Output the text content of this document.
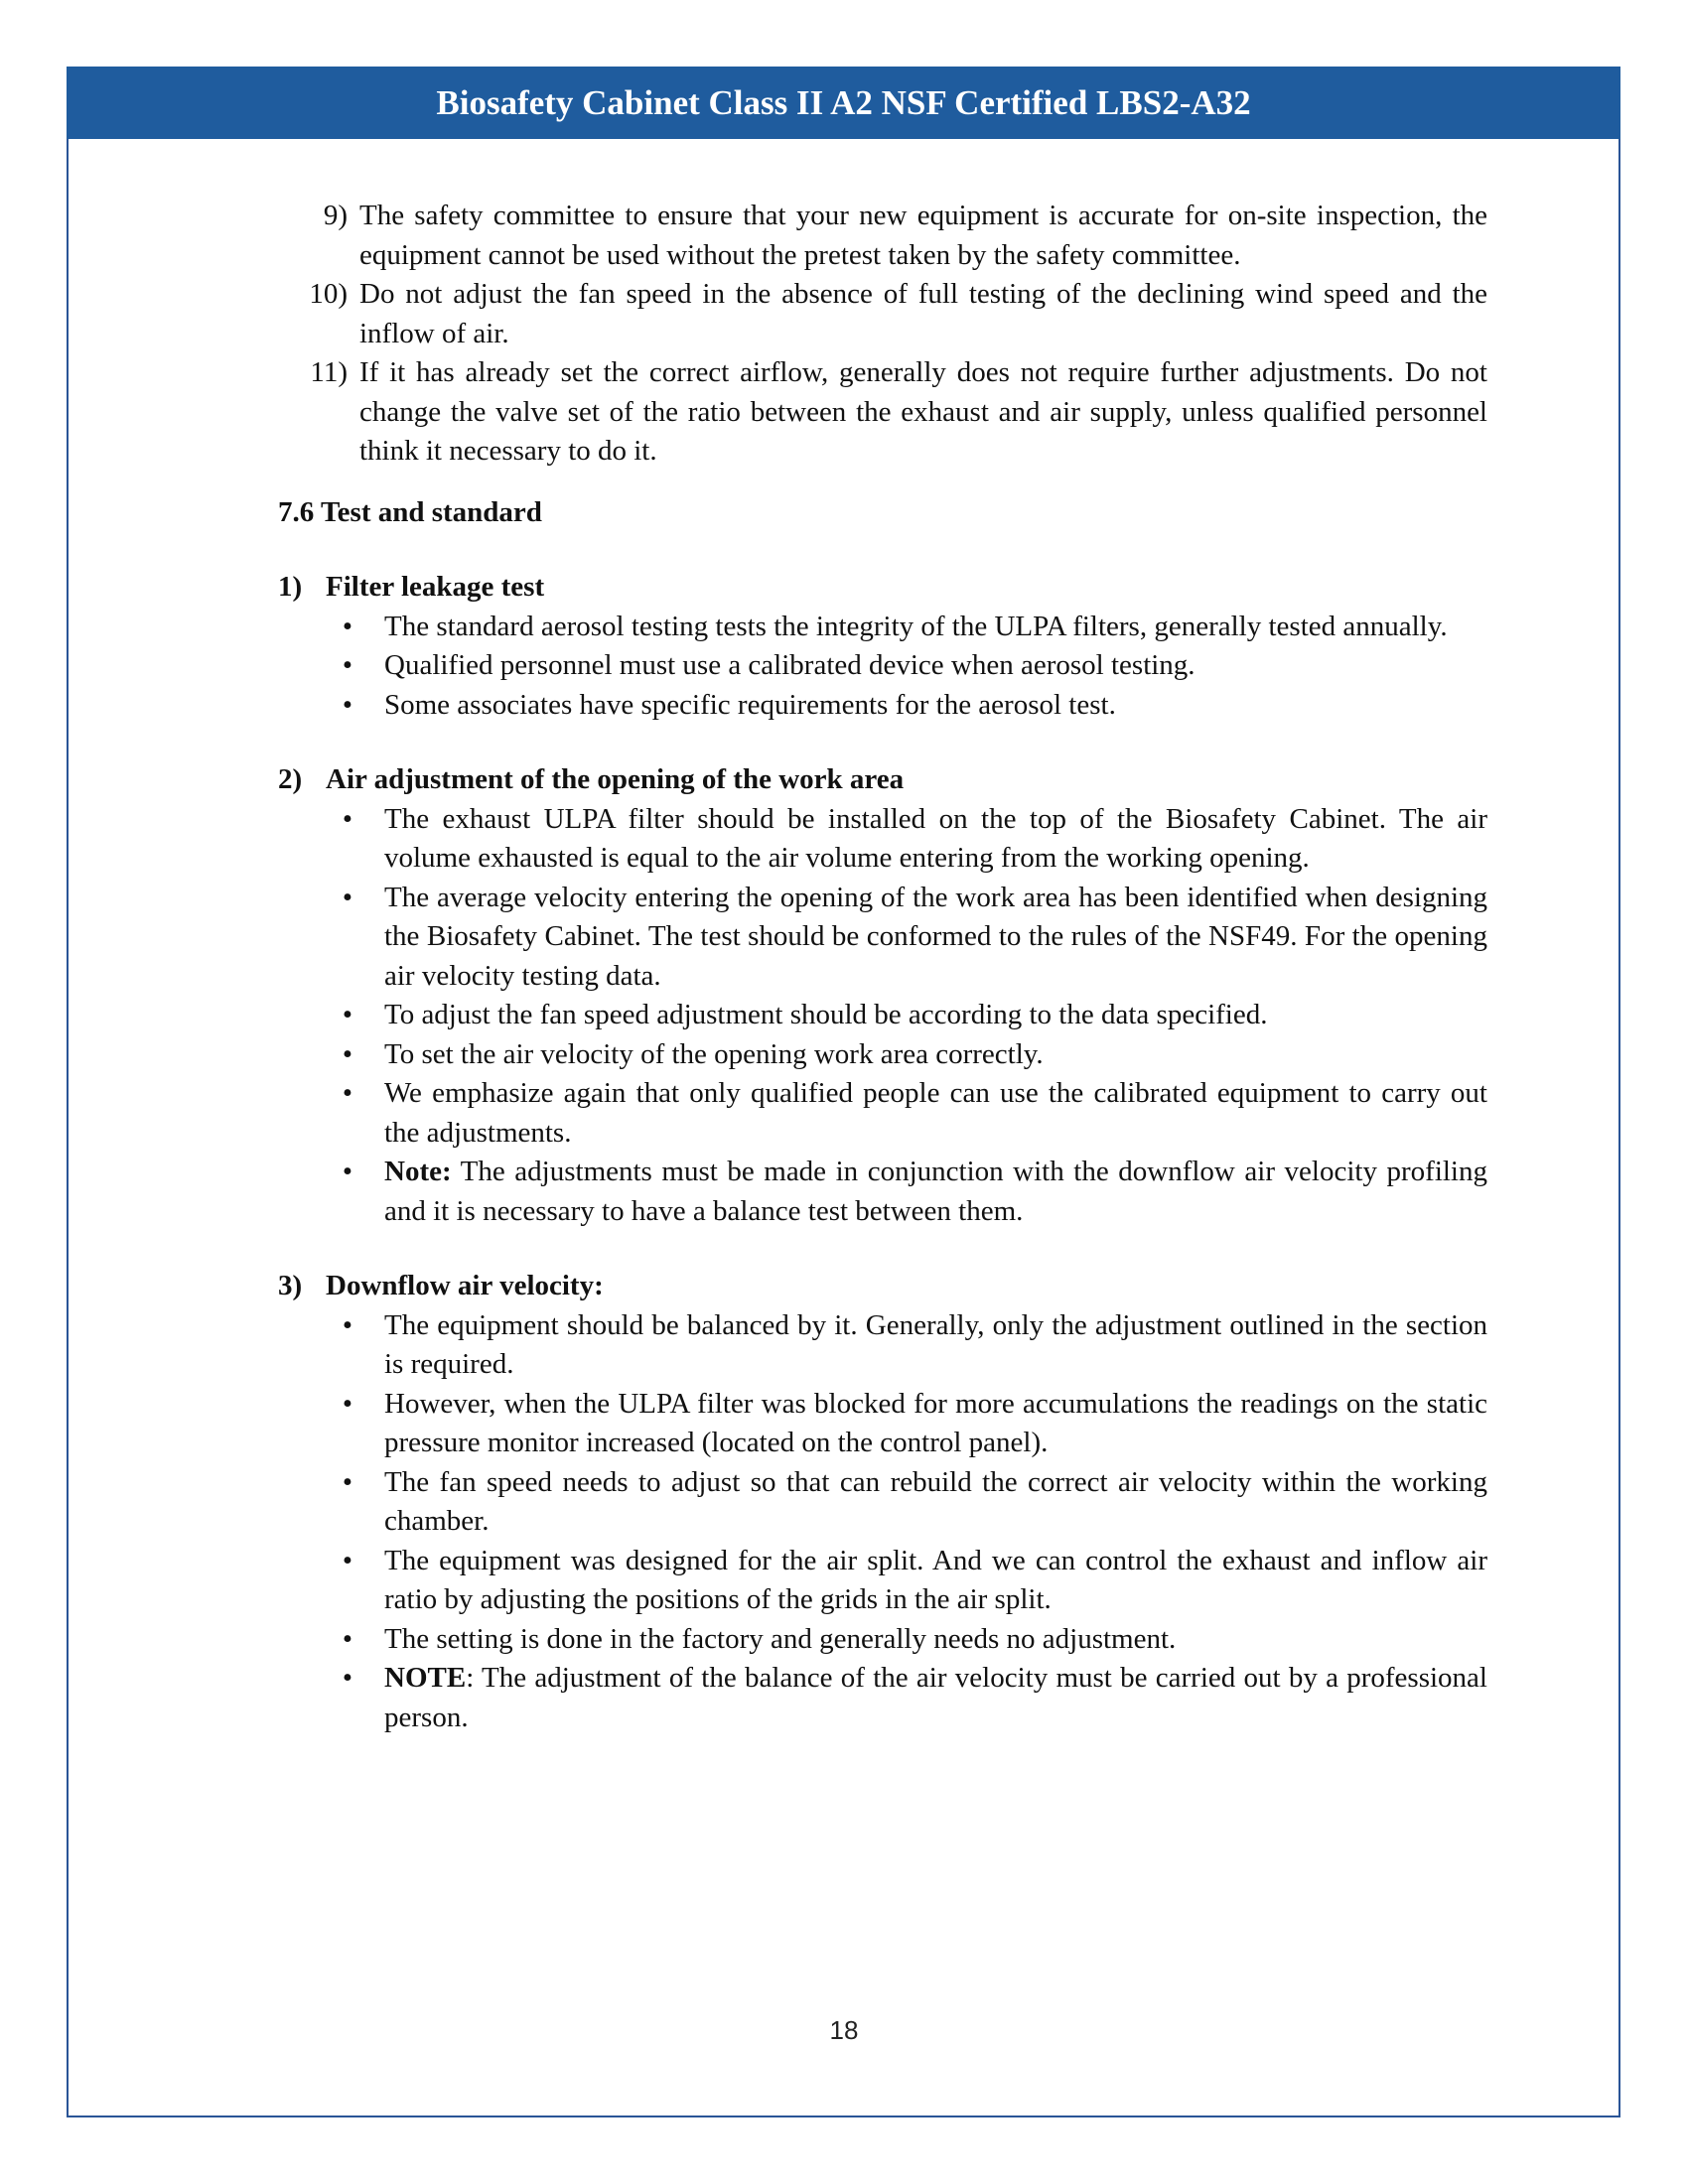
Biosafety Cabinet Class II A2 NSF Certified LBS2-A32
9) The safety committee to ensure that your new equipment is accurate for on-site inspection, the equipment cannot be used without the pretest taken by the safety committee.
10) Do not adjust the fan speed in the absence of full testing of the declining wind speed and the inflow of air.
11) If it has already set the correct airflow, generally does not require further adjustments. Do not change the valve set of the ratio between the exhaust and air supply, unless qualified personnel think it necessary to do it.
7.6 Test and standard
1) Filter leakage test
•	The standard aerosol testing tests the integrity of the ULPA filters, generally tested annually.
•	Qualified personnel must use a calibrated device when aerosol testing.
•	Some associates have specific requirements for the aerosol test.
2) Air adjustment of the opening of the work area
•	The exhaust ULPA filter should be installed on the top of the Biosafety Cabinet. The air volume exhausted is equal to the air volume entering from the working opening.
•	The average velocity entering the opening of the work area has been identified when designing the Biosafety Cabinet. The test should be conformed to the rules of the NSF49. For the opening air velocity testing data.
•	To adjust the fan speed adjustment should be according to the data specified.
•	To set the air velocity of the opening work area correctly.
•	We emphasize again that only qualified people can use the calibrated equipment to carry out the adjustments.
•	Note: The adjustments must be made in conjunction with the downflow air velocity profiling and it is necessary to have a balance test between them.
3) Downflow air velocity:
•	The equipment should be balanced by it. Generally, only the adjustment outlined in the section is required.
•	However, when the ULPA filter was blocked for more accumulations the readings on the static pressure monitor increased (located on the control panel).
•	The fan speed needs to adjust so that can rebuild the correct air velocity within the working chamber.
•	The equipment was designed for the air split. And we can control the exhaust and inflow air ratio by adjusting the positions of the grids in the air split.
•	The setting is done in the factory and generally needs no adjustment.
•	NOTE: The adjustment of the balance of the air velocity must be carried out by a professional person.
18
